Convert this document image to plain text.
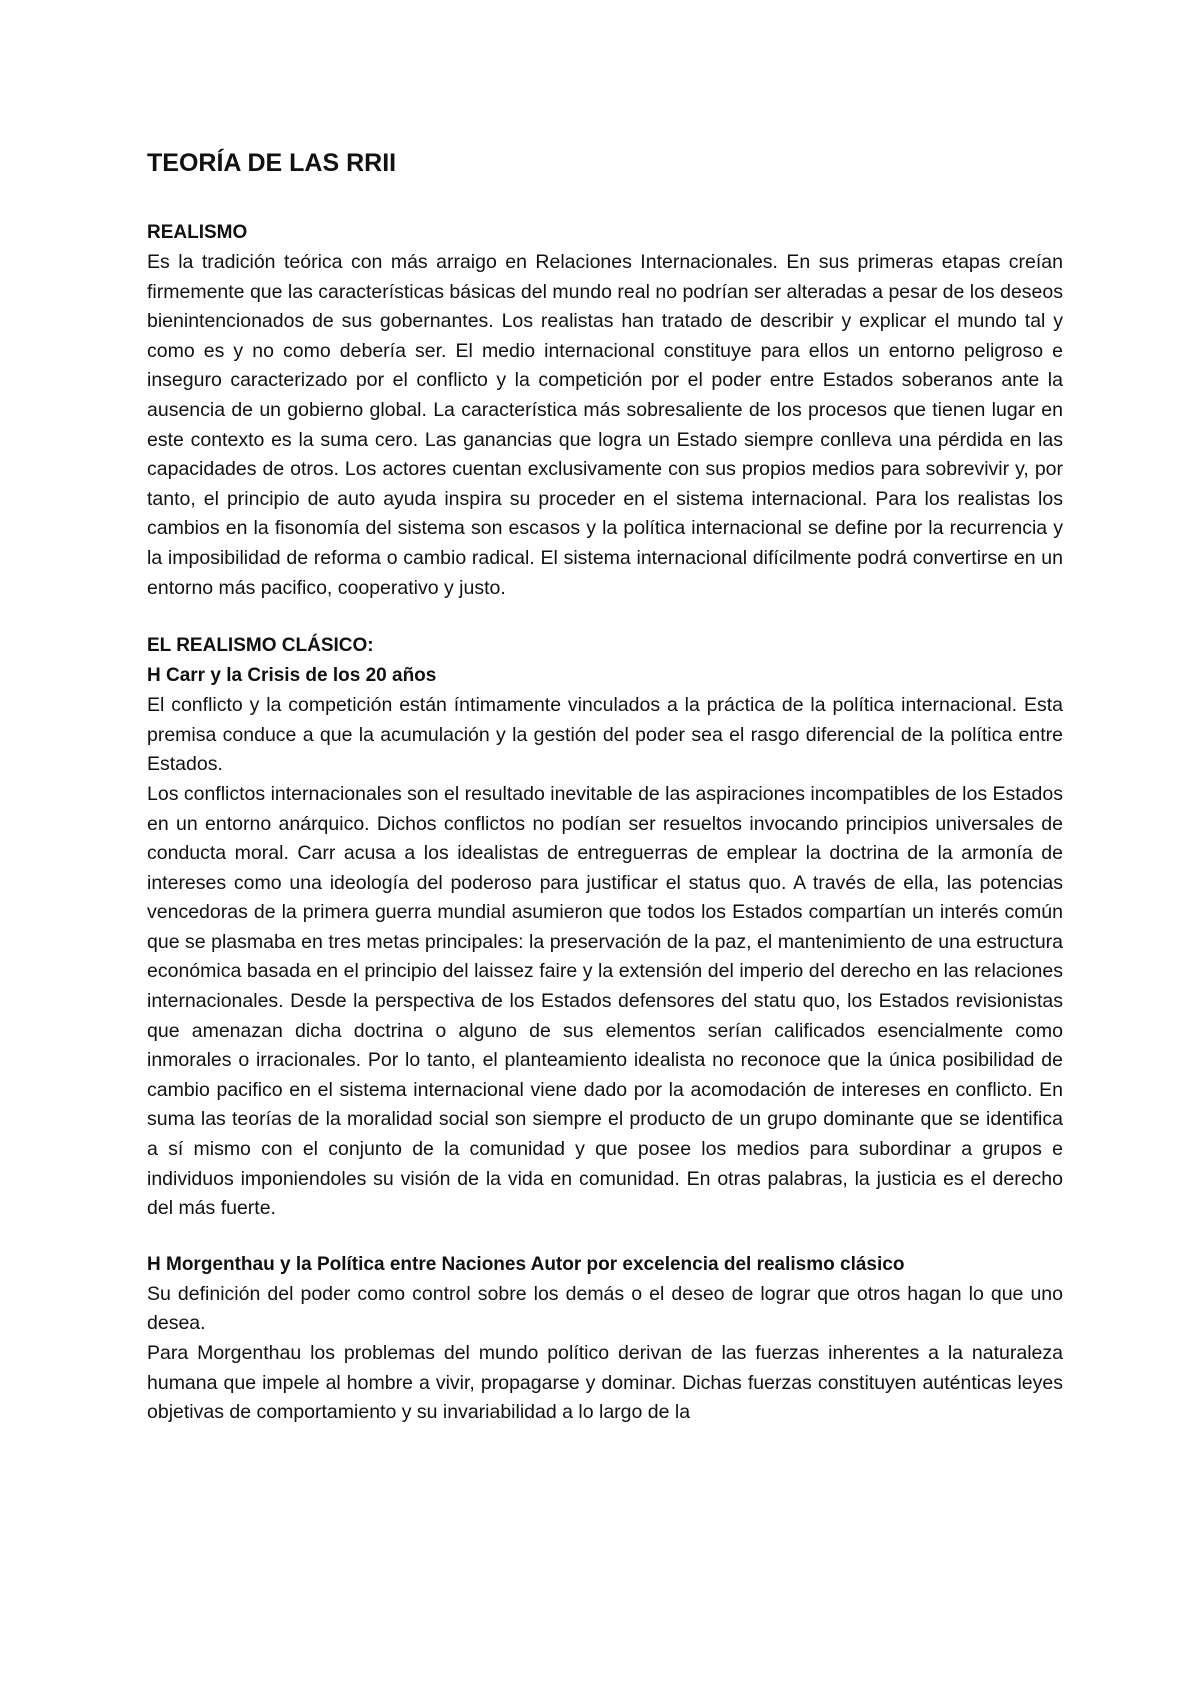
TEORÍA DE LAS RRII
REALISMO

Es la tradición teórica con más arraigo en Relaciones Internacionales. En sus primeras etapas creían firmemente que las características básicas del mundo real no podrían ser alteradas a pesar de los deseos bienintencionados de sus gobernantes. Los realistas han tratado de describir y explicar el mundo tal y como es y no como debería ser. El medio internacional constituye para ellos un entorno peligroso e inseguro caracterizado por el conflicto y la competición por el poder entre Estados soberanos ante la ausencia de un gobierno global. La característica más sobresaliente de los procesos que tienen lugar en este contexto es la suma cero. Las ganancias que logra un Estado siempre conlleva una pérdida en las capacidades de otros. Los actores cuentan exclusivamente con sus propios medios para sobrevivir y, por tanto, el principio de auto ayuda inspira su proceder en el sistema internacional. Para los realistas los cambios en la fisonomía del sistema son escasos y la política internacional se define por la recurrencia y la imposibilidad de reforma o cambio radical. El sistema internacional difícilmente podrá convertirse en un entorno más pacifico, cooperativo y justo.

EL REALISMO CLÁSICO:
H Carr y la Crisis de los 20 años

El conflicto y la competición están íntimamente vinculados a la práctica de la política internacional. Esta premisa conduce a que la acumulación y la gestión del poder sea el rasgo diferencial de la política entre Estados.

Los conflictos internacionales son el resultado inevitable de las aspiraciones incompatibles de los Estados en un entorno anárquico. Dichos conflictos no podían ser resueltos invocando principios universales de conducta moral. Carr acusa a los idealistas de entreguerras de emplear la doctrina de la armonía de intereses como una ideología del poderoso para justificar el status quo. A través de ella, las potencias vencedoras de la primera guerra mundial asumieron que todos los Estados compartían un interés común que se plasmaba en tres metas principales: la preservación de la paz, el mantenimiento de una estructura económica basada en el principio del laissez faire y la extensión del imperio del derecho en las relaciones internacionales. Desde la perspectiva de los Estados defensores del statu quo, los Estados revisionistas que amenazan dicha doctrina o alguno de sus elementos serían calificados esencialmente como inmorales o irracionales. Por lo tanto, el planteamiento idealista no reconoce que la única posibilidad de cambio pacifico en el sistema internacional viene dado por la acomodación de intereses en conflicto. En suma las teorías de la moralidad social son siempre el producto de un grupo dominante que se identifica a sí mismo con el conjunto de la comunidad y que posee los medios para subordinar a grupos e individuos imponiendoles su visión de la vida en comunidad. En otras palabras, la justicia es el derecho del más fuerte.

H Morgenthau y la Política entre Naciones Autor por excelencia del realismo clásico

Su definición del poder como control sobre los demás o el deseo de lograr que otros hagan lo que uno desea.

Para Morgenthau los problemas del mundo político derivan de las fuerzas inherentes a la naturaleza humana que impele al hombre a vivir, propagarse y dominar. Dichas fuerzas constituyen auténticas leyes objetivas de comportamiento y su invariabilidad a lo largo de la
